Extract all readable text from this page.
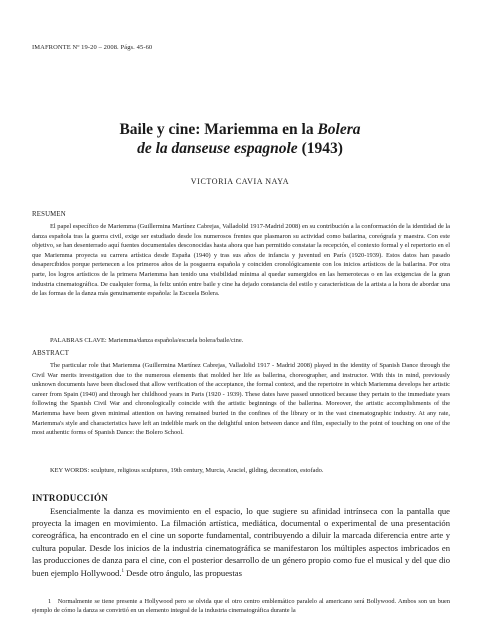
IMAFRONTE Nº 19-20 – 2008. Págs. 45-60
Baile y cine: Mariemma en la Bolera
de la danseuse espagnole (1943)
VICTORIA CAVIA NAYA
RESUMEN

El papel específico de Mariemma (Guillermina Martínez Cabrejas, Valladolid 1917-Madrid 2008) en su contribución a la conformación de la identidad de la danza española tras la guerra civil, exige ser estudiado desde los numerosos frentes que plasmaron su actividad como bailarina, coreógrafa y maestra. Con este objetivo, se han desenterrado aquí fuentes documentales desconocidas hasta ahora que han permitido constatar la recepción, el contexto formal y el repertorio en el que Mariemma proyecta su carrera artística desde España (1940) y tras sus años de infancia y juventud en París (1920-1939). Estos datos han pasado desapercibidos porque pertenecen a los primeros años de la posguerra española y coinciden cronológicamente con los inicios artísticos de la bailarina. Por otra parte, los logros artísticos de la primera Mariemma han tenido una visibilidad mínima al quedar sumergidos en las hemerotecas o en las exigencias de la gran industria cinematográfica. De cualquier forma, la feliz unión entre baile y cine ha dejado constancia del estilo y características de la artista a la hora de abordar una de las formas de la danza más genuinamente española: la Escuela Bolera.

PALABRAS CLAVE: Mariemma/danza española/escuela bolera/baile/cine.
ABSTRACT

The particular role that Mariemma (Guillermina Martínez Cabrejas, Valladolid 1917 - Madrid 2008) played in the identity of Spanish Dance through the Civil War merits investigation due to the numerous elements that molded her life as ballerina, choreographer, and instructor. With this in mind, previously unknown documents have been disclosed that allow verification of the acceptance, the formal context, and the repertoire in which Mariemma develops her artistic career from Spain (1940) and through her childhood years in Paris (1920 - 1939). These dates have passed unnoticed because they pertain to the immediate years following the Spanish Civil War and chronologically coincide with the artistic beginnings of the ballerina. Moreover, the artistic accomplishments of the Mariemma have been given minimal attention on having remained buried in the confines of the library or in the vast cinematographic industry. At any rate, Mariemma's style and characteristics have left an indelible mark on the delightful union between dance and film, especially to the point of touching on one of the most authentic forms of Spanish Dance: the Bolero School.

KEY WORDS: sculpture, religious sculptures, 19th century, Murcia, Araciel, gilding, decoration, estofado.
INTRODUCCIÓN

Esencialmente la danza es movimiento en el espacio, lo que sugiere su afinidad intrínseca con la pantalla que proyecta la imagen en movimiento. La filmación artística, mediática, documental o experimental de una presentación coreográfica, ha encontrado en el cine un soporte fundamental, contribuyendo a diluir la marcada diferencia entre arte y cultura popular. Desde los inicios de la industria cinematográfica se manifestaron los múltiples aspectos imbricados en las producciones de danza para el cine, con el posterior desarrollo de un género propio como fue el musical y del que dio buen ejemplo Hollywood.$^1$ Desde otro ángulo, las propuestas

1 Normalmente se tiene presente a Hollywood pero se olvida que el otro centro emblemático paralelo al americano será Bollywood. Ambos son un buen ejemplo de cómo la danza se convirtió en un elemento integral de la industria cinematográfica durante la
